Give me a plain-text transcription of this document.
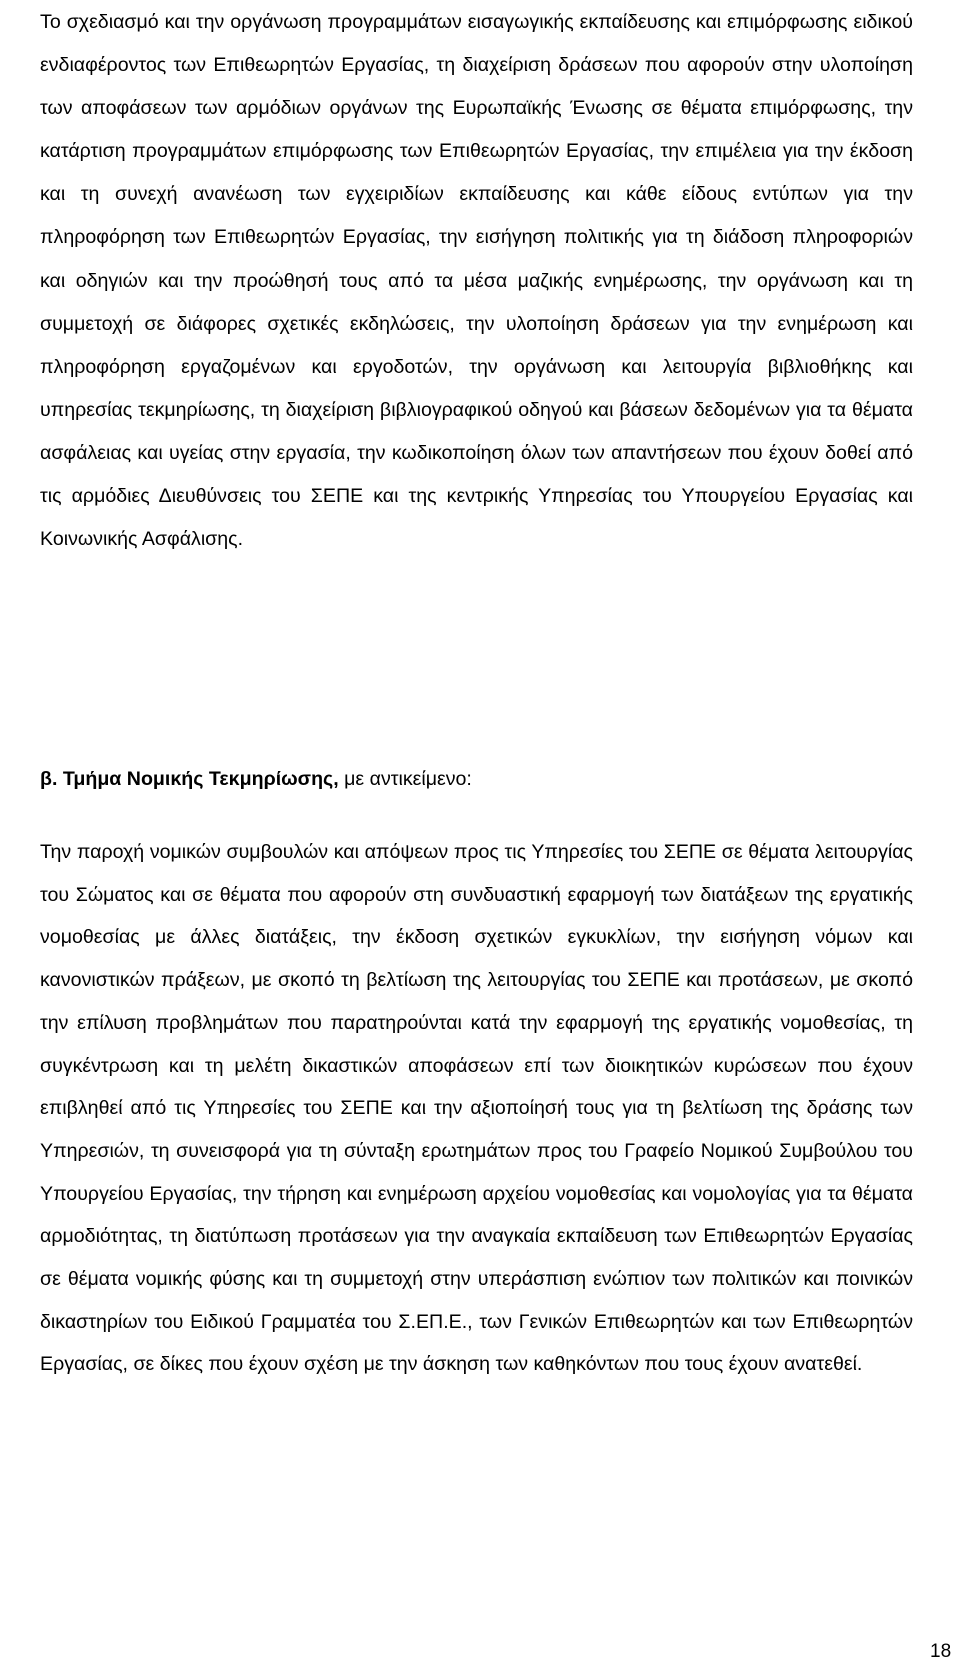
Το σχεδιασμό και την οργάνωση προγραμμάτων εισαγωγικής εκπαίδευσης και επιμόρφωσης ειδικού ενδιαφέροντος των Επιθεωρητών Εργασίας, τη διαχείριση δράσεων που αφορούν στην υλοποίηση των αποφάσεων των αρμόδιων οργάνων της Ευρωπαϊκής Ένωσης σε θέματα επιμόρφωσης, την κατάρτιση προγραμμάτων επιμόρφωσης των Επιθεωρητών Εργασίας, την επιμέλεια για την έκδοση και τη συνεχή ανανέωση των εγχειριδίων εκπαίδευσης και κάθε είδους εντύπων για την πληροφόρηση των Επιθεωρητών Εργασίας, την εισήγηση πολιτικής για τη διάδοση πληροφοριών και οδηγιών και την προώθησή τους από τα μέσα μαζικής ενημέρωσης, την οργάνωση και τη συμμετοχή σε διάφορες σχετικές εκδηλώσεις, την υλοποίηση δράσεων για την ενημέρωση και πληροφόρηση εργαζομένων και εργοδοτών, την οργάνωση και λειτουργία βιβλιοθήκης και υπηρεσίας τεκμηρίωσης, τη διαχείριση βιβλιογραφικού οδηγού και βάσεων δεδομένων για τα θέματα ασφάλειας και υγείας στην εργασία, την κωδικοποίηση όλων των απαντήσεων που έχουν δοθεί από τις αρμόδιες Διευθύνσεις του ΣΕΠΕ και της κεντρικής Υπηρεσίας του Υπουργείου Εργασίας και Κοινωνικής Ασφάλισης.

β. Τμήμα Νομικής Τεκμηρίωσης, με αντικείμενο:

Την παροχή νομικών συμβουλών και απόψεων προς τις Υπηρεσίες του ΣΕΠΕ σε θέματα λειτουργίας του Σώματος και σε θέματα που αφορούν στη συνδυαστική εφαρμογή των διατάξεων της εργατικής νομοθεσίας με άλλες διατάξεις, την έκδοση σχετικών εγκυκλίων, την εισήγηση νόμων και κανονιστικών πράξεων, με σκοπό τη βελτίωση της λειτουργίας του ΣΕΠΕ και προτάσεων, με σκοπό την επίλυση προβλημάτων που παρατηρούνται κατά την εφαρμογή της εργατικής νομοθεσίας, τη συγκέντρωση και τη μελέτη δικαστικών αποφάσεων επί των διοικητικών κυρώσεων που έχουν επιβληθεί από τις Υπηρεσίες του ΣΕΠΕ και την αξιοποίησή τους για τη βελτίωση της δράσης των Υπηρεσιών, τη συνεισφορά για τη σύνταξη ερωτημάτων προς του Γραφείο Νομικού Συμβούλου του Υπουργείου Εργασίας, την τήρηση και ενημέρωση αρχείου νομοθεσίας και νομολογίας για τα θέματα αρμοδιότητας, τη διατύπωση προτάσεων για την αναγκαία εκπαίδευση των Επιθεωρητών Εργασίας σε θέματα νομικής φύσης και τη συμμετοχή στην υπεράσπιση ενώπιον των πολιτικών και ποινικών δικαστηρίων του Ειδικού Γραμματέα του Σ.ΕΠ.Ε., των Γενικών Επιθεωρητών και των Επιθεωρητών Εργασίας, σε δίκες που έχουν σχέση με την άσκηση των καθηκόντων που τους έχουν ανατεθεί.

18
